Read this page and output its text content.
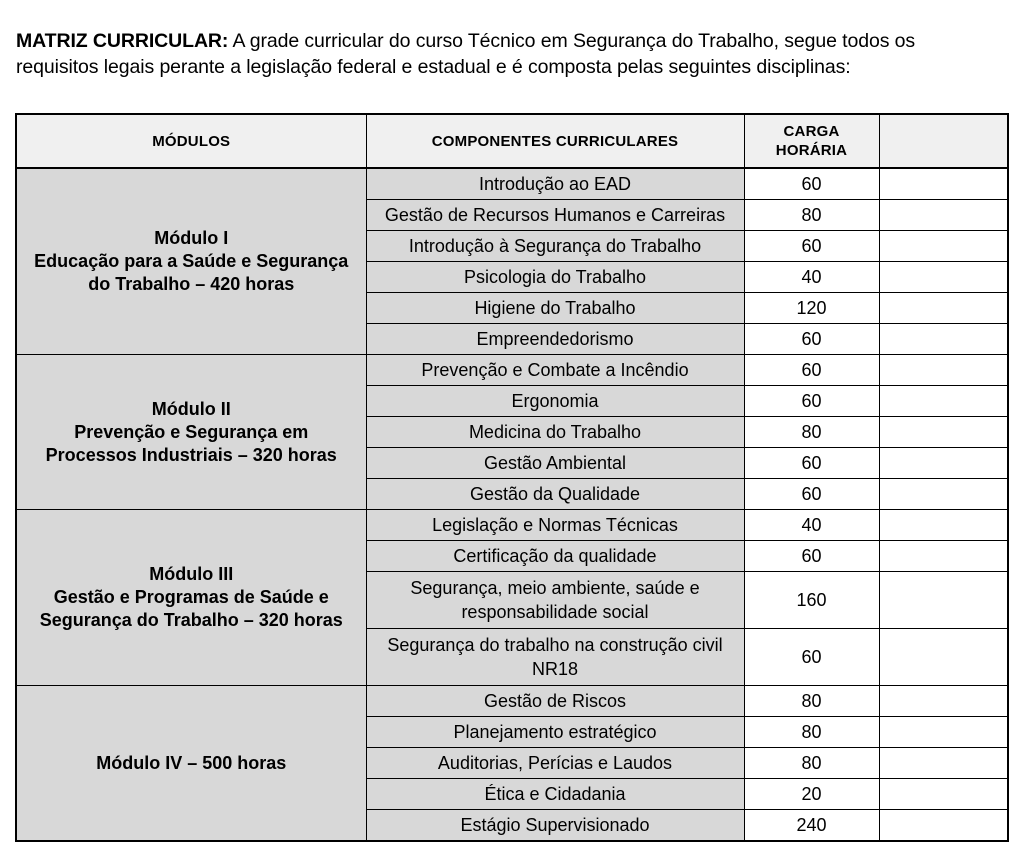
MATRIZ CURRICULAR: A grade curricular do curso Técnico em Segurança do Trabalho, segue todos os requisitos legais perante a legislação federal e estadual e é composta pelas seguintes disciplinas:

MÓDULOS	COMPONENTES CURRICULARES	CARGA
HORÁRIA	

Módulo I
Educação para a Saúde e Segurança
do Trabalho – 420 horas	Introdução ao EAD	60	
	Gestão de Recursos Humanos e Carreiras	80	
	Introdução à Segurança do Trabalho	60	
	Psicologia do Trabalho	40	
	Higiene do Trabalho	120	
	Empreendedorismo	60	

Módulo II
Prevenção e Segurança em
Processos Industriais – 320 horas	Prevenção e Combate a Incêndio	60	
	Ergonomia	60	
	Medicina do Trabalho	80	
	Gestão Ambiental	60	
	Gestão da Qualidade	60	

Módulo III
Gestão e Programas de Saúde e
Segurança do Trabalho – 320 horas	Legislação e Normas Técnicas	40	
	Certificação da qualidade	60	
	Segurança, meio ambiente, saúde e responsabilidade social	160	
	Segurança do trabalho na construção civil NR18	60	

Módulo IV – 500 horas	Gestão de Riscos	80	
	Planejamento estratégico	80	
	Auditorias, Perícias e Laudos	80	
	Ética e Cidadania	20	
	Estágio Supervisionado	240	
